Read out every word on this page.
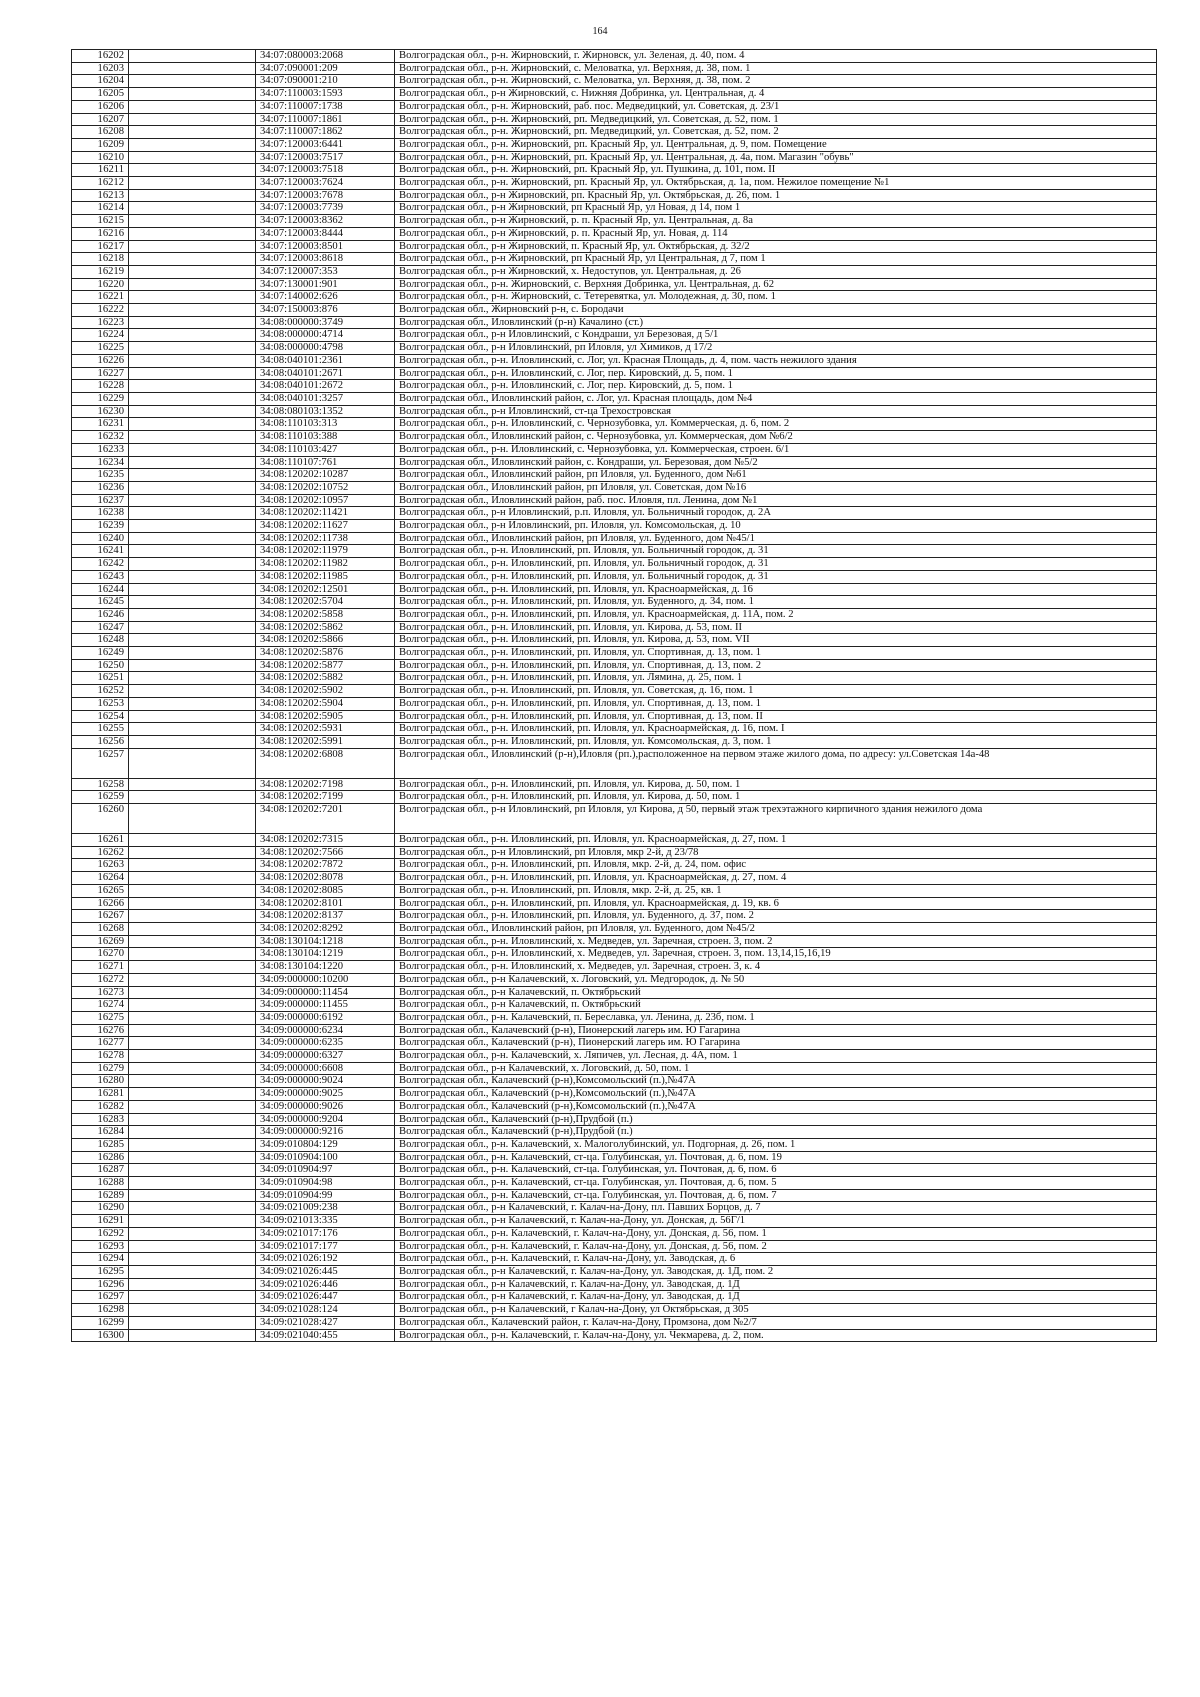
164
16202		34:07:080003:2068	Волгоградская обл., р-н. Жирновский, г. Жирновск, ул. Зеленая, д. 40, пом. 4
16203		34:07:090001:209	Волгоградская обл., р-н. Жирновский, с. Меловатка, ул. Верхняя, д. 38, пом. 1
16204		34:07:090001:210	Волгоградская обл., р-н. Жирновский, с. Меловатка, ул. Верхняя, д. 38, пом. 2
16205		34:07:110003:1593	Волгоградская обл., р-н Жирновский, с. Нижняя Добринка, ул. Центральная, д. 4
16206		34:07:110007:1738	Волгоградская обл., р-н. Жирновский, раб. пос. Медведицкий, ул. Советская, д. 23/1
16207		34:07:110007:1861	Волгоградская обл., р-н. Жирновский, рп. Медведицкий, ул. Советская, д. 52, пом. 1
16208		34:07:110007:1862	Волгоградская обл., р-н. Жирновский, рп. Медведицкий, ул. Советская, д. 52, пом. 2
16209		34:07:120003:6441	Волгоградская обл., р-н. Жирновский, рп. Красный Яр, ул. Центральная, д. 9, пом. Помещение
16210		34:07:120003:7517	Волгоградская обл., р-н. Жирновский, рп. Красный Яр, ул. Центральная, д. 4а, пом. Магазин "обувь"
16211		34:07:120003:7518	Волгоградская обл., р-н. Жирновский, рп. Красный Яр, ул. Пушкина, д. 101, пом. II
16212		34:07:120003:7624	Волгоградская обл., р-н. Жирновский, рп. Красный Яр, ул. Октябрьская, д. 1а, пом. Нежилое помещение №1
16213		34:07:120003:7678	Волгоградская обл., р-н Жирновский, рп. Красный Яр, ул. Октябрьская, д. 26, пом. 1
16214		34:07:120003:7739	Волгоградская обл., р-н Жирновский, рп Красный Яр, ул Новая, д 14, пом 1
16215		34:07:120003:8362	Волгоградская обл., р-н Жирновский, р. п. Красный Яр, ул. Центральная, д. 8а
16216		34:07:120003:8444	Волгоградская обл., р-н Жирновский, р. п. Красный Яр, ул. Новая, д. 114
16217		34:07:120003:8501	Волгоградская обл., р-н Жирновский, п. Красный Яр, ул. Октябрьская, д. 32/2
16218		34:07:120003:8618	Волгоградская обл., р-н Жирновский, рп Красный Яр, ул Центральная, д 7, пом 1
16219		34:07:120007:353	Волгоградская обл., р-н Жирновский, х. Недоступов, ул. Центральная, д. 26
16220		34:07:130001:901	Волгоградская обл., р-н. Жирновский, с. Верхняя Добринка, ул. Центральная, д. 62
16221		34:07:140002:626	Волгоградская обл., р-н. Жирновский, с. Тетеревятка, ул. Молодежная, д. 30, пом. 1
16222		34:07:150003:876	Волгоградская обл., Жирновский р-н, с. Бородачи
16223		34:08:000000:3749	Волгоградская обл., Иловлинский (р-н) Качалино (ст.)
16224		34:08:000000:4714	Волгоградская обл., р-н Иловлинский, с Кондраши, ул Березовая, д 5/1
16225		34:08:000000:4798	Волгоградская обл., р-н Иловлинский, рп Иловля, ул Химиков, д 17/2
16226		34:08:040101:2361	Волгоградская обл., р-н. Иловлинский, с. Лог, ул. Красная Площадь, д. 4, пом. часть нежилого здания
16227		34:08:040101:2671	Волгоградская обл., р-н. Иловлинский, с. Лог, пер. Кировский, д. 5, пом. 1
16228		34:08:040101:2672	Волгоградская обл., р-н. Иловлинский, с. Лог, пер. Кировский, д. 5, пом. 1
16229		34:08:040101:3257	Волгоградская обл., Иловлинский район, с. Лог, ул. Красная площадь, дом №4
16230		34:08:080103:1352	Волгоградская обл., р-н Иловлинский, ст-ца Трехостровская
16231		34:08:110103:313	Волгоградская обл., р-н. Иловлинский, с. Чернозубовка, ул. Коммерческая, д. 6, пом. 2
16232		34:08:110103:388	Волгоградская обл., Иловлинский район, с. Чернозубовка, ул. Коммерческая, дом №6/2
16233		34:08:110103:427	Волгоградская обл., р-н. Иловлинский, с. Чернозубовка, ул. Коммерческая, строен. 6/1
16234		34:08:110107:761	Волгоградская обл., Иловлинский район, с. Кондраши, ул. Березовая, дом №5/2
16235		34:08:120202:10287	Волгоградская обл., Иловлинский район, рп Иловля, ул. Буденного, дом №61
16236		34:08:120202:10752	Волгоградская обл., Иловлинский район, рп Иловля, ул. Советская, дом №16
16237		34:08:120202:10957	Волгоградская обл., Иловлинский район, раб. пос. Иловля, пл. Ленина, дом №1
16238		34:08:120202:11421	Волгоградская обл., р-н Иловлинский, р.п. Иловля, ул. Больничный городок, д. 2А
16239		34:08:120202:11627	Волгоградская обл., р-н Иловлинский, рп. Иловля, ул. Комсомольская, д. 10
16240		34:08:120202:11738	Волгоградская обл., Иловлинский район, рп Иловля, ул. Буденного, дом №45/1
16241		34:08:120202:11979	Волгоградская обл., р-н. Иловлинский, рп. Иловля, ул. Больничный городок, д. 31
16242		34:08:120202:11982	Волгоградская обл., р-н. Иловлинский, рп. Иловля, ул. Больничный городок, д. 31
16243		34:08:120202:11985	Волгоградская обл., р-н. Иловлинский, рп. Иловля, ул. Больничный городок, д. 31
16244		34:08:120202:12501	Волгоградская обл., р-н. Иловлинский, рп. Иловля, ул. Красноармейская, д. 16
16245		34:08:120202:5704	Волгоградская обл., р-н. Иловлинский, рп. Иловля, ул. Буденного, д. 34, пом. 1
16246		34:08:120202:5858	Волгоградская обл., р-н. Иловлинский, рп. Иловля, ул. Красноармейская, д. 11А, пом. 2
16247		34:08:120202:5862	Волгоградская обл., р-н. Иловлинский, рп. Иловля, ул. Кирова, д. 53, пом. II
16248		34:08:120202:5866	Волгоградская обл., р-н. Иловлинский, рп. Иловля, ул. Кирова, д. 53, пом. VII
16249		34:08:120202:5876	Волгоградская обл., р-н. Иловлинский, рп. Иловля, ул. Спортивная, д. 13, пом. 1
16250		34:08:120202:5877	Волгоградская обл., р-н. Иловлинский, рп. Иловля, ул. Спортивная, д. 13, пом. 2
16251		34:08:120202:5882	Волгоградская обл., р-н. Иловлинский, рп. Иловля, ул. Лямина, д. 25, пом. 1
16252		34:08:120202:5902	Волгоградская обл., р-н. Иловлинский, рп. Иловля, ул. Советская, д. 16, пом. 1
16253		34:08:120202:5904	Волгоградская обл., р-н. Иловлинский, рп. Иловля, ул. Спортивная, д. 13, пом. 1
16254		34:08:120202:5905	Волгоградская обл., р-н. Иловлинский, рп. Иловля, ул. Спортивная, д. 13, пом. II
16255		34:08:120202:5931	Волгоградская обл., р-н. Иловлинский, рп. Иловля, ул. Красноармейская, д. 16, пом. I
16256		34:08:120202:5991	Волгоградская обл., р-н. Иловлинский, рп. Иловля, ул. Комсомольская, д. 3, пом. 1
16257		34:08:120202:6808	Волгоградская обл., Иловлинский (р-н),Иловля (рп.),расположенное на первом этаже жилого дома, по адресу: ул.Советская 14а-48
16258		34:08:120202:7198	Волгоградская обл., р-н. Иловлинский, рп. Иловля, ул. Кирова, д. 50, пом. 1
16259		34:08:120202:7199	Волгоградская обл., р-н. Иловлинский, рп. Иловля, ул. Кирова, д. 50, пом. 1
16260		34:08:120202:7201	Волгоградская обл., р-н Иловлинский, рп Иловля, ул Кирова, д 50, первый этаж трехэтажного кирпичного здания нежилого дома
16261		34:08:120202:7315	Волгоградская обл., р-н. Иловлинский, рп. Иловля, ул. Красноармейская, д. 27, пом. 1
16262		34:08:120202:7566	Волгоградская обл., р-н Иловлинский, рп Иловля, мкр 2-й, д 23/78
16263		34:08:120202:7872	Волгоградская обл., р-н. Иловлинский, рп. Иловля, мкр. 2-й, д. 24, пом. офис
16264		34:08:120202:8078	Волгоградская обл., р-н. Иловлинский, рп. Иловля, ул. Красноармейская, д. 27, пом. 4
16265		34:08:120202:8085	Волгоградская обл., р-н. Иловлинский, рп. Иловля, мкр. 2-й, д. 25, кв. 1
16266		34:08:120202:8101	Волгоградская обл., р-н. Иловлинский, рп. Иловля, ул. Красноармейская, д. 19, кв. 6
16267		34:08:120202:8137	Волгоградская обл., р-н. Иловлинский, рп. Иловля, ул. Буденного, д. 37, пом. 2
16268		34:08:120202:8292	Волгоградская обл., Иловлинский район, рп Иловля, ул. Буденного, дом №45/2
16269		34:08:130104:1218	Волгоградская обл., р-н. Иловлинский, х. Медведев, ул. Заречная, строен. 3, пом. 2
16270		34:08:130104:1219	Волгоградская обл., р-н. Иловлинский, х. Медведев, ул. Заречная, строен. 3, пом. 13,14,15,16,19
16271		34:08:130104:1220	Волгоградская обл., р-н. Иловлинский, х. Медведев, ул. Заречная, строен. 3, к. 4
16272		34:09:000000:10200	Волгоградская обл., р-н Калачевский, х. Логовский, ул. Медгородок, д. № 50
16273		34:09:000000:11454	Волгоградская обл., р-н Калачевский, п. Октябрьский
16274		34:09:000000:11455	Волгоградская обл., р-н Калачевский, п. Октябрьский
16275		34:09:000000:6192	Волгоградская обл., р-н. Калачевский, п. Береславка, ул. Ленина, д. 23б, пом. 1
16276		34:09:000000:6234	Волгоградская обл., Калачевский (р-н), Пионерский лагерь им. Ю Гагарина
16277		34:09:000000:6235	Волгоградская обл., Калачевский (р-н), Пионерский лагерь им. Ю Гагарина
16278		34:09:000000:6327	Волгоградская обл., р-н. Калачевский, х. Ляпичев, ул. Лесная, д. 4А, пом. 1
16279		34:09:000000:6608	Волгоградская обл., р-н Калачевский, х. Логовский, д. 50, пом. 1
16280		34:09:000000:9024	Волгоградская обл., Калачевский (р-н),Комсомольский (п.),№47А
16281		34:09:000000:9025	Волгоградская обл., Калачевский (р-н),Комсомольский (п.),№47А
16282		34:09:000000:9026	Волгоградская обл., Калачевский (р-н),Комсомольский (п.),№47А
16283		34:09:000000:9204	Волгоградская обл., Калачевский (р-н),Прудбой (п.)
16284		34:09:000000:9216	Волгоградская обл., Калачевский (р-н),Прудбой (п.)
16285		34:09:010804:129	Волгоградская обл., р-н. Калачевский, х. Малоголубинский, ул. Подгорная, д. 26, пом. 1
16286		34:09:010904:100	Волгоградская обл., р-н. Калачевский, ст-ца. Голубинская, ул. Почтовая, д. 6, пом. 19
16287		34:09:010904:97	Волгоградская обл., р-н. Калачевский, ст-ца. Голубинская, ул. Почтовая, д. 6, пом. 6
16288		34:09:010904:98	Волгоградская обл., р-н. Калачевский, ст-ца. Голубинская, ул. Почтовая, д. 6, пом. 5
16289		34:09:010904:99	Волгоградская обл., р-н. Калачевский, ст-ца. Голубинская, ул. Почтовая, д. 6, пом. 7
16290		34:09:021009:238	Волгоградская обл., р-н Калачевский, г. Калач-на-Дону, пл. Павших Борцов, д. 7
16291		34:09:021013:335	Волгоградская обл., р-н Калачевский, г. Калач-на-Дону, ул. Донская, д. 56Г/1
16292		34:09:021017:176	Волгоградская обл., р-н. Калачевский, г. Калач-на-Дону, ул. Донская, д. 56, пом. 1
16293		34:09:021017:177	Волгоградская обл., р-н. Калачевский, г. Калач-на-Дону, ул. Донская, д. 56, пом. 2
16294		34:09:021026:192	Волгоградская обл., р-н. Калачевский, г. Калач-на-Дону, ул. Заводская, д. 6
16295		34:09:021026:445	Волгоградская обл., р-н Калачевский, г. Калач-на-Дону, ул. Заводская, д. 1Д, пом. 2
16296		34:09:021026:446	Волгоградская обл., р-н Калачевский, г. Калач-на-Дону, ул. Заводская, д. 1Д
16297		34:09:021026:447	Волгоградская обл., р-н Калачевский, г. Калач-на-Дону, ул. Заводская, д. 1Д
16298		34:09:021028:124	Волгоградская обл., р-н Калачевский, г Калач-на-Дону, ул Октябрьская, д 305
16299		34:09:021028:427	Волгоградская обл., Калачевский район, г. Калач-на-Дону, Промзона, дом №2/7
16300		34:09:021040:455	Волгоградская обл., р-н. Калачевский, г. Калач-на-Дону, ул. Чекмарева, д. 2, пом.
